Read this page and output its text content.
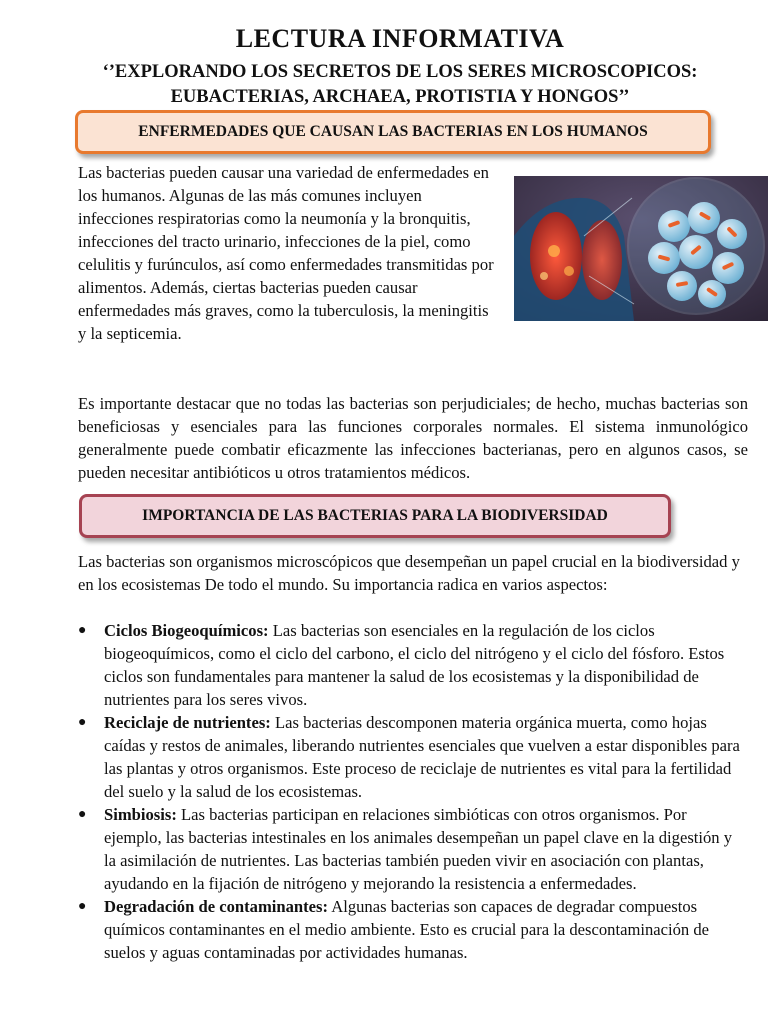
LECTURA INFORMATIVA
‘’EXPLORANDO LOS SECRETOS DE LOS SERES MICROSCOPICOS:
EUBACTERIAS, ARCHAEA, PROTISTIA Y HONGOS’’
ENFERMEDADES QUE CAUSAN LAS BACTERIAS EN LOS HUMANOS

Las bacterias pueden causar una variedad de enfermedades en los humanos. Algunas de las más comunes incluyen infecciones respiratorias como la neumonía y la bronquitis, infecciones del tracto urinario, infecciones de la piel, como celulitis y furúnculos, así como enfermedades transmitidas por alimentos. Además, ciertas bacterias pueden causar enfermedades más graves, como la tuberculosis, la meningitis y la septicemia.

Es importante destacar que no todas las bacterias son perjudiciales; de hecho, muchas bacterias son beneficiosas y esenciales para las funciones corporales normales. El sistema inmunológico generalmente puede combatir eficazmente las infecciones bacterianas, pero en algunos casos, se pueden necesitar antibióticos u otros tratamientos médicos.

IMPORTANCIA DE LAS BACTERIAS PARA LA BIODIVERSIDAD

Las bacterias son organismos microscópicos que desempeñan un papel crucial en la biodiversidad y en los ecosistemas De todo el mundo. Su importancia radica en varios aspectos:

● Ciclos Biogeoquímicos: Las bacterias son esenciales en la regulación de los ciclos biogeoquímicos, como el ciclo del carbono, el ciclo del nitrógeno y el ciclo del fósforo. Estos ciclos son fundamentales para mantener la salud de los ecosistemas y la disponibilidad de nutrientes para los seres vivos.
● Reciclaje de nutrientes: Las bacterias descomponen materia orgánica muerta, como hojas caídas y restos de animales, liberando nutrientes esenciales que vuelven a estar disponibles para las plantas y otros organismos. Este proceso de reciclaje de nutrientes es vital para la fertilidad del suelo y la salud de los ecosistemas.
● Simbiosis: Las bacterias participan en relaciones simbióticas con otros organismos. Por ejemplo, las bacterias intestinales en los animales desempeñan un papel clave en la digestión y la asimilación de nutrientes. Las bacterias también pueden vivir en asociación con plantas, ayudando en la fijación de nitrógeno y mejorando la resistencia a enfermedades.
● Degradación de contaminantes: Algunas bacterias son capaces de degradar compuestos químicos contaminantes en el medio ambiente. Esto es crucial para la descontaminación de suelos y aguas contaminadas por actividades humanas.
